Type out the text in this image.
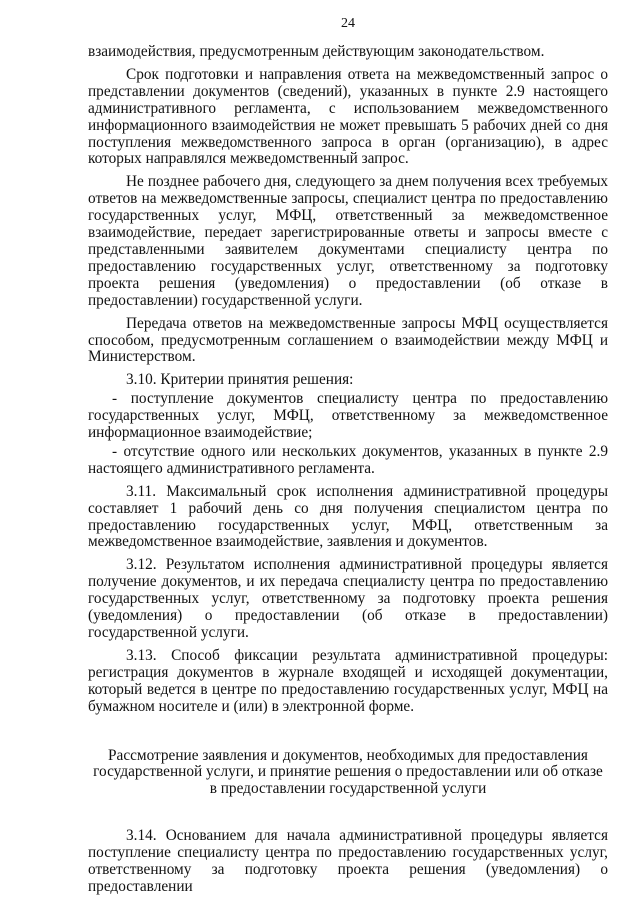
24

взаимодействия, предусмотренным действующим законодательством.

Срок подготовки и направления ответа на межведомственный запрос о представлении документов (сведений), указанных в пункте 2.9 настоящего административного регламента, с использованием межведомственного информационного взаимодействия не может превышать 5 рабочих дней со дня поступления межведомственного запроса в орган (организацию), в адрес которых направлялся межведомственный запрос.

Не позднее рабочего дня, следующего за днем получения всех требуемых ответов на межведомственные запросы, специалист центра по предоставлению государственных услуг, МФЦ, ответственный за межведомственное взаимодействие, передает зарегистрированные ответы и запросы вместе с представленными заявителем документами специалисту центра по предоставлению государственных услуг, ответственному за подготовку проекта решения (уведомления) о предоставлении (об отказе в предоставлении) государственной услуги.

Передача ответов на межведомственные запросы МФЦ осуществляется способом, предусмотренным соглашением о взаимодействии между МФЦ и Министерством.

3.10. Критерии принятия решения:

- поступление документов специалисту центра по предоставлению государственных услуг, МФЦ, ответственному за межведомственное информационное взаимодействие;

- отсутствие одного или нескольких документов, указанных в пункте 2.9 настоящего административного регламента.

3.11. Максимальный срок исполнения административной процедуры составляет 1 рабочий день со дня получения специалистом центра по предоставлению государственных услуг, МФЦ, ответственным за межведомственное взаимодействие, заявления и документов.

3.12. Результатом исполнения административной процедуры является получение документов, и их передача специалисту центра по предоставлению государственных услуг, ответственному за подготовку проекта решения (уведомления) о предоставлении (об отказе в предоставлении) государственной услуги.

3.13. Способ фиксации результата административной процедуры: регистрация документов в журнале входящей и исходящей документации, который ведется в центре по предоставлению государственных услуг, МФЦ на бумажном носителе и (или) в электронной форме.

Рассмотрение заявления и документов, необходимых для предоставления государственной услуги, и принятие решения о предоставлении или об отказе в предоставлении государственной услуги

3.14. Основанием для начала административной процедуры является поступление специалисту центра по предоставлению государственных услуг, ответственному за подготовку проекта решения (уведомления) о предоставлении
